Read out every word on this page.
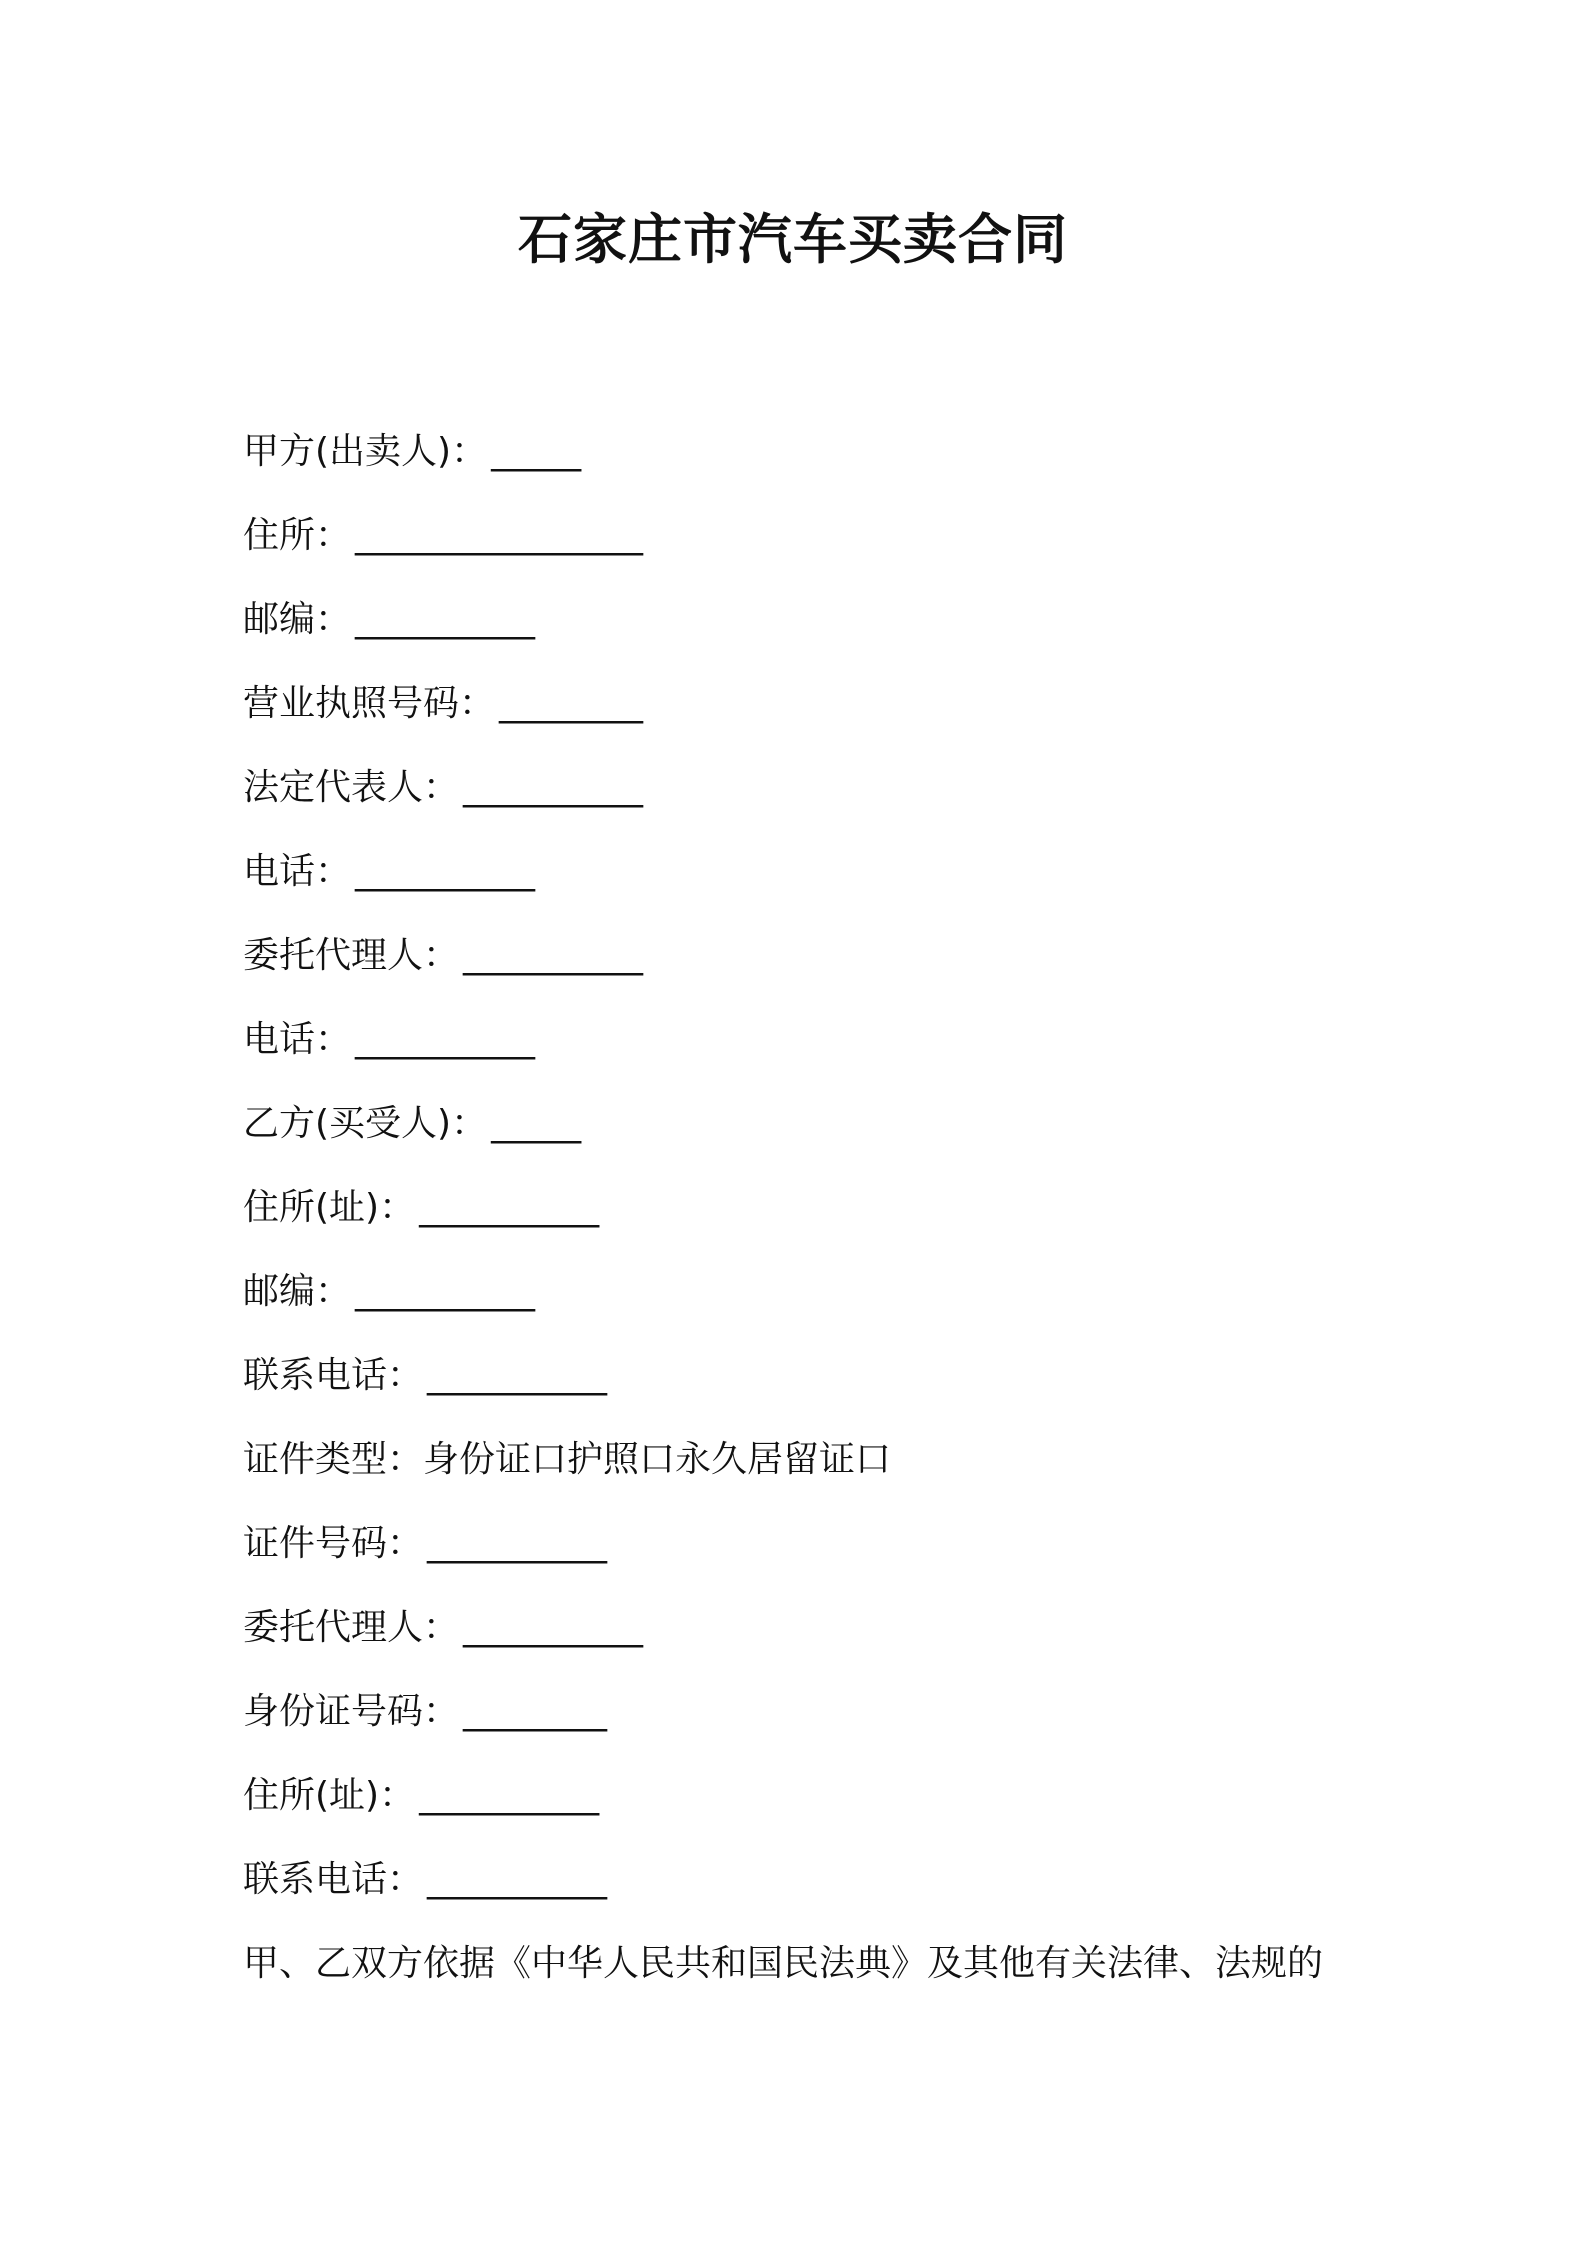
石家庄市汽车买卖合同
甲方(出卖人)： _____
住所： ________________
邮编： __________
营业执照号码： ________
法定代表人： __________
电话： __________
委托代理人： __________
电话： __________
乙方(买受人)： _____
住所(址)： __________
邮编： __________
联系电话： __________
证件类型：身份证口护照口永久居留证口
证件号码： __________
委托代理人： __________
身份证号码： ________
住所(址)： __________
联系电话： __________
甲、乙双方依据《中华人民共和国民法典》及其他有关法律、法规的
